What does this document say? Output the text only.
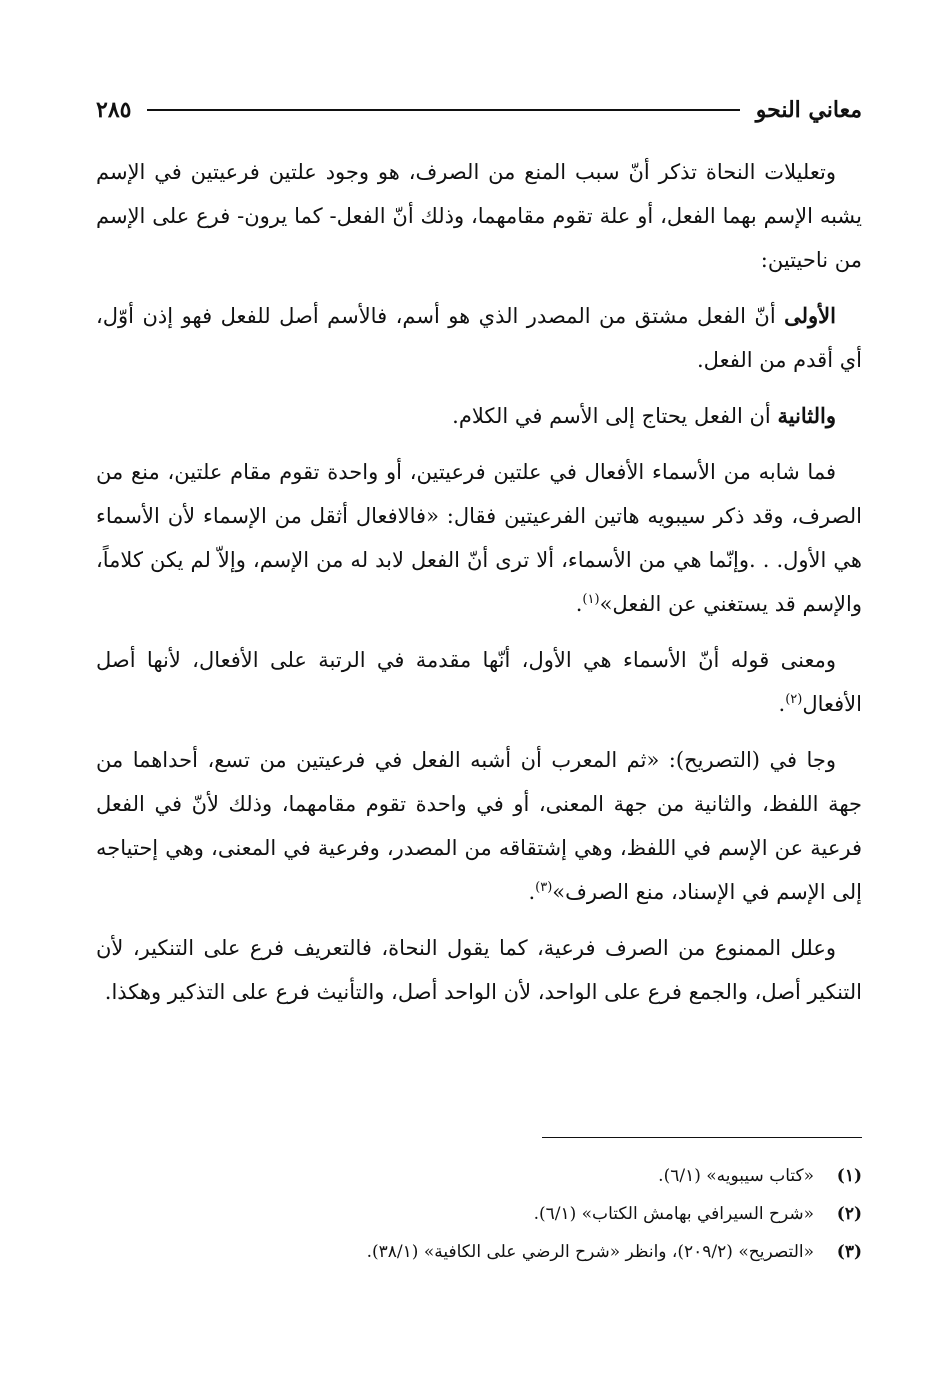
معاني النحو
٢٨٥

وتعليلات النحاة تذكر أنّ سبب المنع من الصرف، هو وجود علتين فرعيتين في الإسم يشبه الإسم بهما الفعل، أو علة تقوم مقامهما، وذلك أنّ الفعل- كما يرون- فرع على الإسم من ناحيتين:

الأولى أنّ الفعل مشتق من المصدر الذي هو أسم، فالأسم أصل للفعل فهو إذن أوّل، أي أقدم من الفعل.

والثانية أن الفعل يحتاج إلى الأسم في الكلام.

فما شابه من الأسماء الأفعال في علتين فرعيتين، أو واحدة تقوم مقام علتين، منع من الصرف، وقد ذكر سيبويه هاتين الفرعيتين فقال: «فالافعال أثقل من الإسماء لأن الأسماء هي الأول. . .وإنّما هي من الأسماء، ألا ترى أنّ الفعل لابد له من الإسم، وإلاّ لم يكن كلاماً، والإسم قد يستغني عن الفعل»$^{(١)}$.

ومعنى قوله أنّ الأسماء هي الأول، أنّها مقدمة في الرتبة على الأفعال، لأنها أصل الأفعال$^{(٢)}$.

وجا في (التصريح): «ثم المعرب أن أشبه الفعل في فرعيتين من تسع، أحداهما من جهة اللفظ، والثانية من جهة المعنى، أو في واحدة تقوم مقامهما، وذلك لأنّ في الفعل فرعية عن الإسم في اللفظ، وهي إشتقاقه من المصدر، وفرعية في المعنى، وهي إحتياجه إلى الإسم في الإسناد، منع الصرف»$^{(٣)}$.

وعلل الممنوع من الصرف فرعية، كما يقول النحاة، فالتعريف فرع على التنكير، لأن التنكير أصل، والجمع فرع على الواحد، لأن الواحد أصل، والتأنيث فرع على التذكير وهكذا.

(١)
«كتاب سيبويه» (٦/١).
(٢)
«شرح السيرافي بهامش الكتاب» (٦/١).
(٣)
«التصريح» (٢٠٩/٢)، وانظر «شرح الرضي على الكافية» (٣٨/١).
